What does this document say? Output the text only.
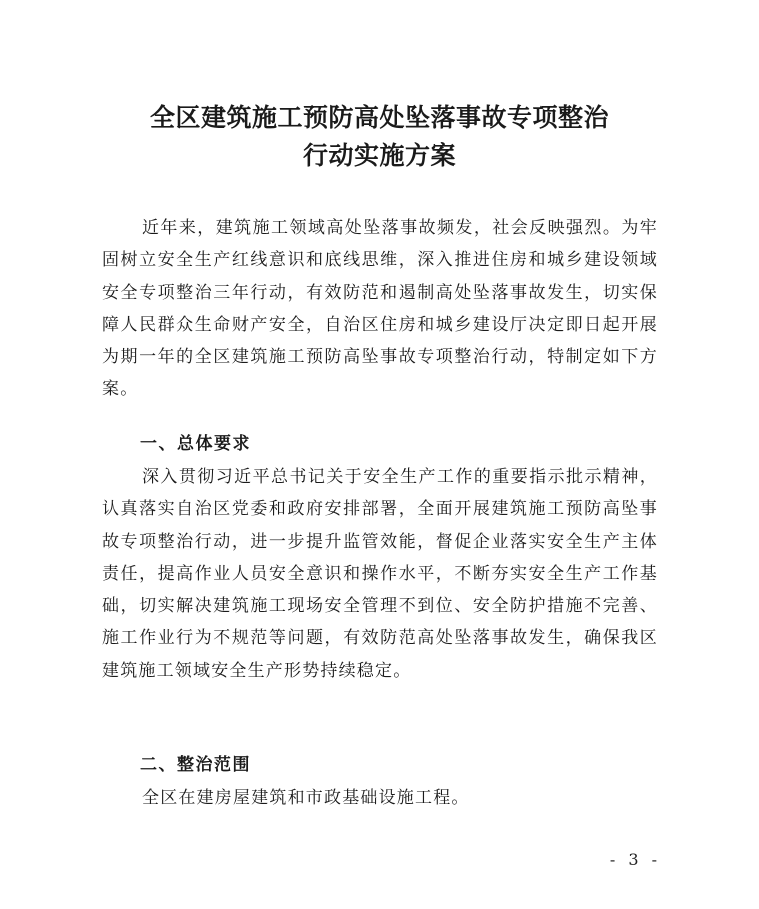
全区建筑施工预防高处坠落事故专项整治
行动实施方案

近年来，建筑施工领域高处坠落事故频发，社会反映强烈。为牢固树立安全生产红线意识和底线思维，深入推进住房和城乡建设领域安全专项整治三年行动，有效防范和遏制高处坠落事故发生，切实保障人民群众生命财产安全，自治区住房和城乡建设厅决定即日起开展为期一年的全区建筑施工预防高坠事故专项整治行动，特制定如下方案。

一、总体要求

深入贯彻习近平总书记关于安全生产工作的重要指示批示精神，认真落实自治区党委和政府安排部署，全面开展建筑施工预防高坠事故专项整治行动，进一步提升监管效能，督促企业落实安全生产主体责任，提高作业人员安全意识和操作水平，不断夯实安全生产工作基础，切实解决建筑施工现场安全管理不到位、安全防护措施不完善、施工作业行为不规范等问题，有效防范高处坠落事故发生，确保我区建筑施工领域安全生产形势持续稳定。

二、整治范围

全区在建房屋建筑和市政基础设施工程。

- 3 -
